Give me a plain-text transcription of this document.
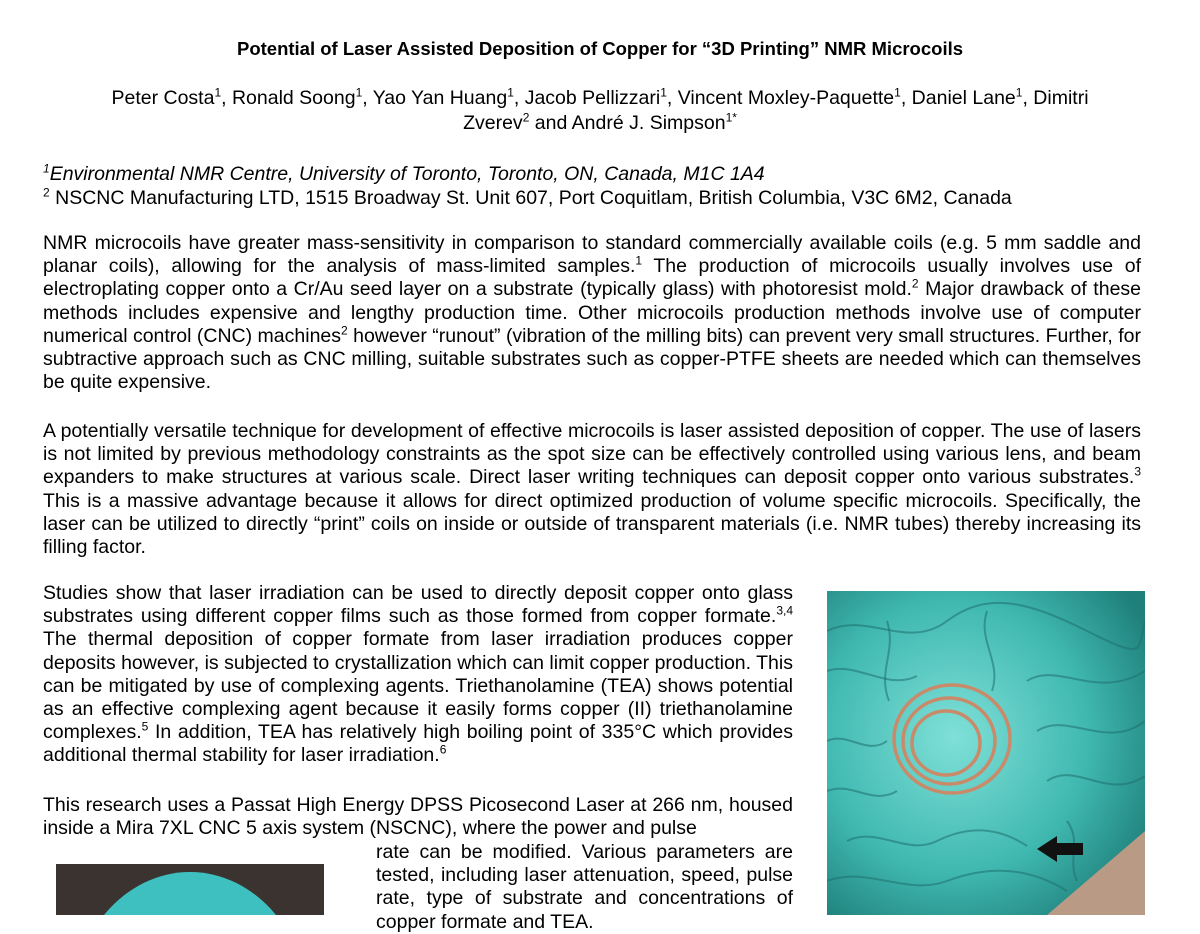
Potential of Laser Assisted Deposition of Copper for “3D Printing” NMR Microcoils
Peter Costa$^1$, Ronald Soong$^1$, Yao Yan Huang$^1$, Jacob Pellizzari$^1$, Vincent Moxley-Paquette$^1$, Daniel Lane$^1$, Dimitri
Zverev$^2$ and André J. Simpson$^{1*}$
$^1$Environmental NMR Centre, University of Toronto, Toronto, ON, Canada, M1C 1A4
$^2$ NSCNC Manufacturing LTD, 1515 Broadway St. Unit 607, Port Coquitlam, British Columbia, V3C 6M2, Canada

NMR microcoils have greater mass-sensitivity in comparison to standard commercially available coils (e.g. 5 mm saddle and planar coils), allowing for the analysis of mass-limited samples.$^1$ The production of microcoils usually involves use of electroplating copper onto a Cr/Au seed layer on a substrate (typically glass) with photoresist mold.$^2$ Major drawback of these methods includes expensive and lengthy production time. Other microcoils production methods involve use of computer numerical control (CNC) machines$^2$ however “runout” (vibration of the milling bits) can prevent very small structures. Further, for subtractive approach such as CNC milling, suitable substrates such as copper-PTFE sheets are needed which can themselves be quite expensive.

A potentially versatile technique for development of effective microcoils is laser assisted deposition of copper. The use of lasers is not limited by previous methodology constraints as the spot size can be effectively controlled using various lens, and beam expanders to make structures at various scale. Direct laser writing techniques can deposit copper onto various substrates.$^3$ This is a massive advantage because it allows for direct optimized production of volume specific microcoils. Specifically, the laser can be utilized to directly “print” coils on inside or outside of transparent materials (i.e. NMR tubes) thereby increasing its filling factor.

Studies show that laser irradiation can be used to directly deposit copper onto glass substrates using different copper films such as those formed from copper formate.$^{3,4}$ The thermal deposition of copper formate from laser irradiation produces copper deposits however, is subjected to crystallization which can limit copper production. This can be mitigated by use of complexing agents. Triethanolamine (TEA) shows potential as an effective complexing agent because it easily forms copper (II) triethanolamine complexes.$^5$ In addition, TEA has relatively high boiling point of 335°C which provides additional thermal stability for laser irradiation.$^6$

This research uses a Passat High Energy DPSS Picosecond Laser at 266 nm, housed inside a Mira 7XL CNC 5 axis system (NSCNC), where the power and pulse

rate can be modified. Various parameters are tested, including laser attenuation, speed, pulse rate, type of substrate and concentrations of copper formate and TEA.
